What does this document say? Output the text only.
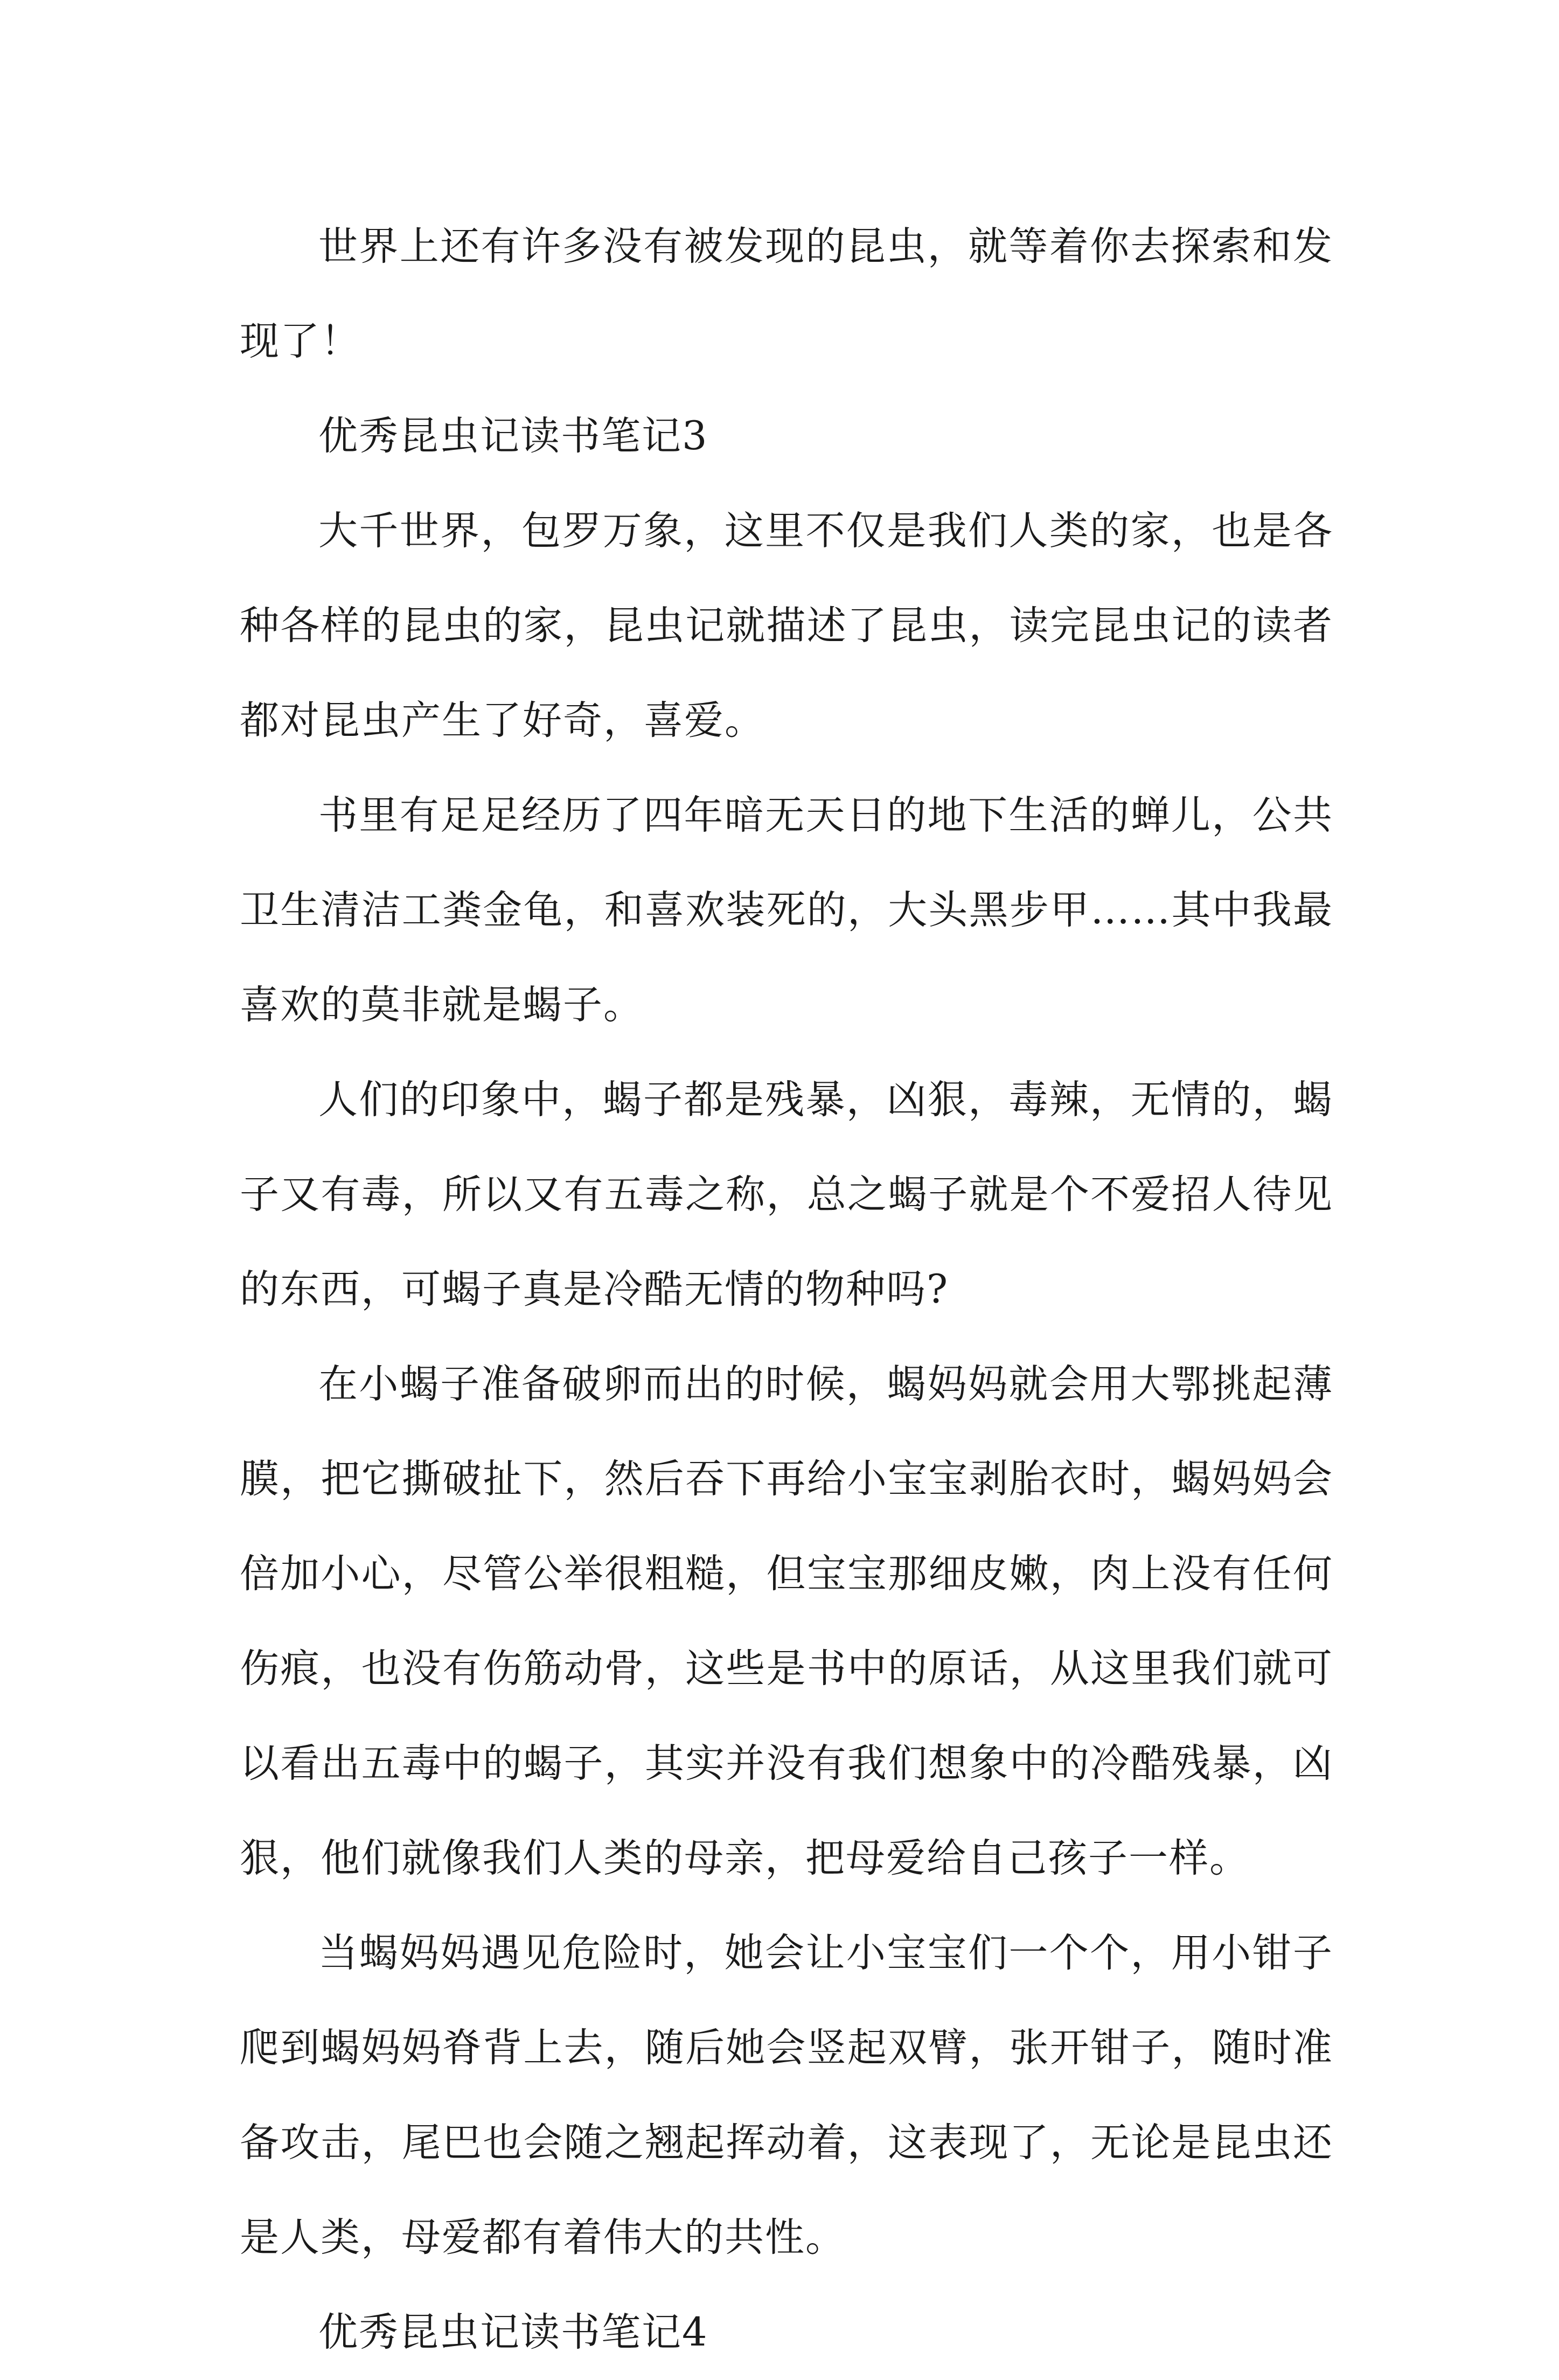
世界上还有许多没有被发现的昆虫，就等着你去探索和发现了！

优秀昆虫记读书笔记3

大千世界，包罗万象，这里不仅是我们人类的家，也是各种各样的昆虫的家，昆虫记就描述了昆虫，读完昆虫记的读者都对昆虫产生了好奇，喜爱。

书里有足足经历了四年暗无天日的地下生活的蝉儿，公共卫生清洁工粪金龟，和喜欢装死的，大头黑步甲……其中我最喜欢的莫非就是蝎子。

人们的印象中，蝎子都是残暴，凶狠，毒辣，无情的，蝎子又有毒，所以又有五毒之称，总之蝎子就是个不爱招人待见的东西，可蝎子真是冷酷无情的物种吗?

在小蝎子准备破卵而出的时候，蝎妈妈就会用大鄂挑起薄膜，把它撕破扯下，然后吞下再给小宝宝剥胎衣时，蝎妈妈会倍加小心，尽管公举很粗糙，但宝宝那细皮嫩，肉上没有任何伤痕，也没有伤筋动骨，这些是书中的原话，从这里我们就可以看出五毒中的蝎子，其实并没有我们想象中的冷酷残暴，凶狠，他们就像我们人类的母亲，把母爱给自己孩子一样。

当蝎妈妈遇见危险时，她会让小宝宝们一个个，用小钳子爬到蝎妈妈脊背上去，随后她会竖起双臂，张开钳子，随时准备攻击，尾巴也会随之翘起挥动着，这表现了，无论是昆虫还是人类，母爱都有着伟大的共性。

优秀昆虫记读书笔记4
